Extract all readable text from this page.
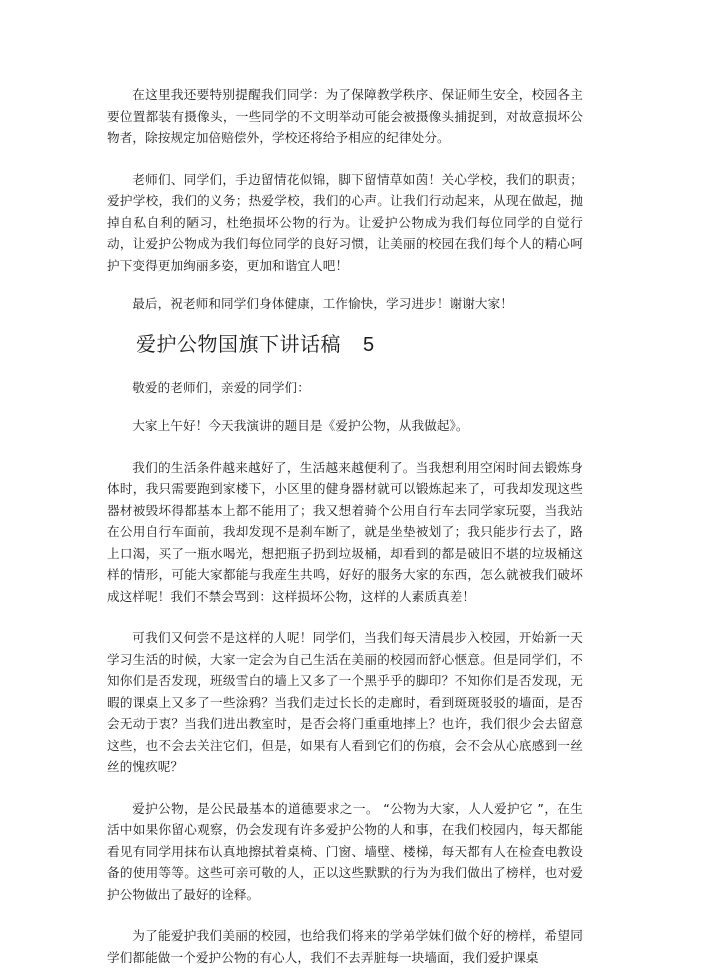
在这里我还要特别提醒我们同学：为了保障教学秩序、保证师生安全，校园各主要位置都装有摄像头，一些同学的不文明举动可能会被摄像头捕捉到，对故意损坏公物者，除按规定加倍赔偿外，学校还将给予相应的纪律处分。

老师们、同学们，手边留情花似锦，脚下留情草如茵！关心学校，我们的职责；爱护学校，我们的义务；热爱学校，我们的心声。让我们行动起来，从现在做起，抛掉自私自利的陋习，杜绝损坏公物的行为。让爱护公物成为我们每位同学的自觉行动，让爱护公物成为我们每位同学的良好习惯，让美丽的校园在我们每个人的精心呵护下变得更加绚丽多姿，更加和谐宜人吧！

最后，祝老师和同学们身体健康，工作愉快，学习进步！谢谢大家！

爱护公物国旗下讲话稿 5

敬爱的老师们，亲爱的同学们：

大家上午好！今天我演讲的题目是《爱护公物，从我做起》。

我们的生活条件越来越好了，生活越来越便利了。当我想利用空闲时间去锻炼身体时，我只需要跑到家楼下，小区里的健身器材就可以锻炼起来了，可我却发现这些器材被毁坏得都基本上都不能用了；我又想着骑个公用自行车去同学家玩耍，当我站在公用自行车面前，我却发现不是刹车断了，就是坐垫被划了；我只能步行去了，路上口渴，买了一瓶水喝光，想把瓶子扔到垃圾桶，却看到的都是破旧不堪的垃圾桶这样的情形，可能大家都能与我産生共鸣，好好的服务大家的东西，怎么就被我们破坏成这样呢！我们不禁会骂到：这样损坏公物，这样的人素质真差！

可我们又何尝不是这样的人呢！同学们，当我们每天清晨步入校园，开始新一天学习生活的时候，大家一定会为自己生活在美丽的校园而舒心惬意。但是同学们，不知你们是否发现，班级雪白的墙上又多了一个黑乎乎的脚印？不知你们是否发现，无暇的课桌上又多了一些涂鸦？当我们走过长长的走廊时，看到斑斑驳驳的墙面，是否会无动于衷？当我们进出教室时，是否会将门重重地摔上？也许，我们很少会去留意这些，也不会去关注它们，但是，如果有人看到它们的伤痕，会不会从心底感到一丝丝的愧疚呢？

爱护公物，是公民最基本的道德要求之一。 “公物为大家，人人爱护它 ”，在生活中如果你留心观察，仍会发现有许多爱护公物的人和事，在我们校园内，每天都能看见有同学用抹布认真地擦拭着桌椅、门窗、墙壁、楼梯，每天都有人在检查电教设备的使用等等。这些可亲可敬的人，正以这些默默的行为为我们做出了榜样，也对爱护公物做出了最好的诠释。

为了能爱护我们美丽的校园，也给我们将来的学弟学妹们做个好的榜样，希望同学们都能做一个爱护公物的有心人，我们不去弄脏每一块墙面，我们爱护课桌
